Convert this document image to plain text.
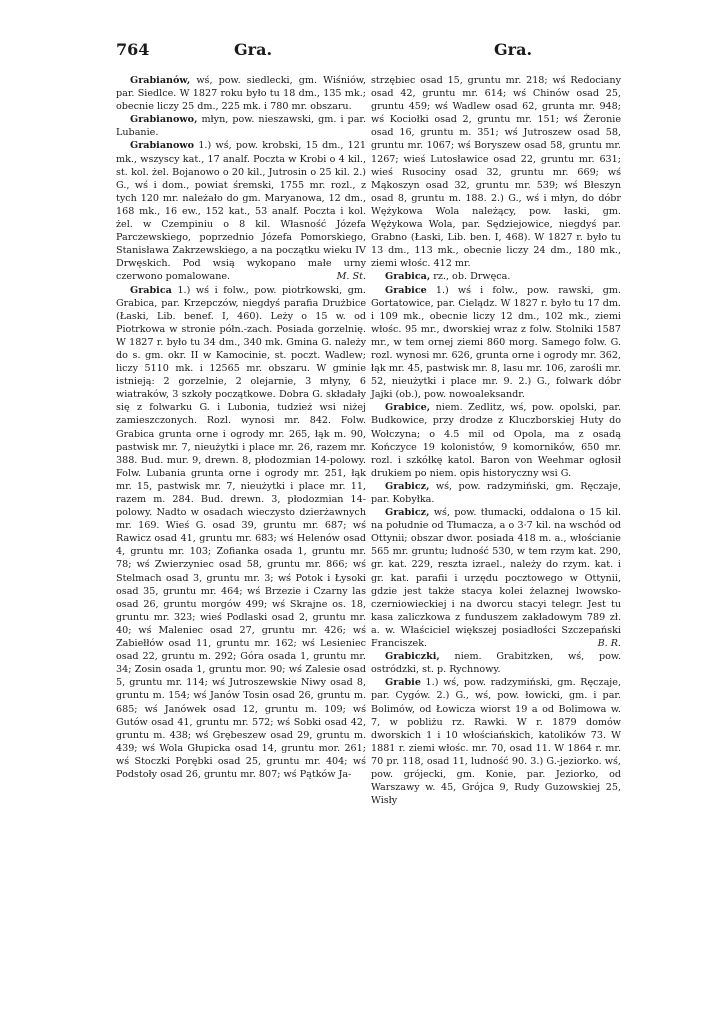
764	Gra.	Gra.

Grabianów, wś, pow. siedlecki, gm. Wiśniów, par. Siedlce. W 1827 roku było tu 18 dm., 135 mk.; obecnie liczy 25 dm., 225 mk. i 780 mr. obszaru.

Grabianowo, młyn, pow. nieszawski, gm. i par. Lubanie.

Grabianowo 1.) wś, pow. krobski, 15 dm., 121 mk., wszyscy kat., 17 analf. Poczta w Krobi o 4 kil., st. kol. żel. Bojanowo o 20 kil., Jutrosin o 25 kil. 2.) G., wś i dom., powiat śremski, 1755 mr. rozl., z tych 120 mr. należało do gm. Maryanowa, 12 dm., 168 mk., 16 ew., 152 kat., 53 analf. Poczta i kol. żel. w Czempiniu o 8 kil. Własność Józefa Parczewskiego, poprzednio Józefa Pomorskiego, Stanisława Zakrzewskiego, a na początku wieku IV Drwęskich. Pod wsią wykopano małe urny czerwono pomalowane.	M. St.

Grabica 1.) wś i folw., pow. piotrkowski, gm. Grabica, par. Krzepczów, niegdyś parafia Drużbice (Łaski, Lib. benef. I, 460). Leży o 15 w. od Piotrkowa w stronie półn.-zach. Posiada gorzelnię. W 1827 r. było tu 34 dm., 340 mk. Gmina G. należy do s. gm. okr. II w Kamocinie, st. poczt. Wadlew; liczy 5110 mk. i 12565 mr. obszaru. W gminie istnieją: 2 gorzelnie, 2 olejarnie, 3 młyny, 6 wiatraków, 3 szkoły początkowe. Dobra G. składały się z folwarku G. i Lubonia, tudzież wsi niżej zamieszczonych. Rozl. wynosi mr. 842. Folw. Grabica grunta orne i ogrody mr. 265, łąk m. 90, pastwisk mr. 7, nieużytki i place mr. 26, razem mr. 388. Bud. mur. 9, drewn. 8, płodozmian 14-polowy. Folw. Lubania grunta orne i ogrody mr. 251, łąk mr. 15, pastwisk mr. 7, nieużytki i place mr. 11, razem m. 284. Bud. drewn. 3, płodozmian 14-polowy. Nadto w osadach wieczysto dzierżawnych mr. 169. Wieś G. osad 39, gruntu mr. 687; wś Rawicz osad 41, gruntu mr. 683; wś Helenów osad 4, gruntu mr. 103; Zofianka osada 1, gruntu mr. 78; wś Zwierzyniec osad 58, gruntu mr. 866; wś Stelmach osad 3, gruntu mr. 3; wś Potok i Łysoki osad 35, gruntu mr. 464; wś Brzezie i Czarny las osad 26, gruntu morgów 499; wś Skrajne os. 18, gruntu mr. 323; wieś Podlaski osad 2, gruntu mr. 40; wś Maleniec osad 27, gruntu mr. 426; wś Zabiełłów osad 11, gruntu mr. 162; wś Lesieniec osad 22, gruntu m. 292; Góra osada 1, gruntu mr. 34; Zosin osada 1, gruntu mor. 90; wś Zalesie osad 5, gruntu mr. 114; wś Jutroszewskie Niwy osad 8, gruntu m. 154; wś Janów Tosin osad 26, gruntu m. 685; wś Janówek osad 12, gruntu m. 109; wś Gutów osad 41, gruntu mr. 572; wś Sobki osad 42, gruntu m. 438; wś Grębeszew osad 29, gruntu m. 439; wś Wola Głupicka osad 14, gruntu mor. 261; wś Stoczki Porębki osad 25, gruntu mr. 404; wś Podstoły osad 26, gruntu mr. 807; wś Pątków Ja-

strzębiec osad 15, gruntu mr. 218; wś Redociany osad 42, gruntu mr. 614; wś Chinów osad 25, gruntu 459; wś Wadlew osad 62, grunta mr. 948; wś Kociołki osad 2, gruntu mr. 151; wś Żeronie osad 16, gruntu m. 351; wś Jutroszew osad 58, gruntu mr. 1067; wś Boryszew osad 58, gruntu mr. 1267; wieś Lutosławice osad 22, gruntu mr. 631; wieś Rusociny osad 32, gruntu mr. 669; wś Mąkoszyn osad 32, gruntu mr. 539; wś Błeszyn osad 8, gruntu m. 188. 2.) G., wś i młyn, do dóbr Wężykowa Wola należący, pow. łaski, gm. Wężykowa Wola, par. Sędziejowice, niegdyś par. Grabno (Łaski, Lib. ben. I, 468). W 1827 r. było tu 13 dm., 113 mk., obecnie liczy 24 dm., 180 mk., ziemi włośc. 412 mr.

Grabica, rz., ob. Drwęca.

Grabice 1.) wś i folw., pow. rawski, gm. Gortatowice, par. Cielądz. W 1827 r. było tu 17 dm. i 109 mk., obecnie liczy 12 dm., 102 mk., ziemi włośc. 95 mr., dworskiej wraz z folw. Stolniki 1587 mr., w tem ornej ziemi 860 morg. Samego folw. G. rozl. wynosi mr. 626, grunta orne i ogrody mr. 362, łąk mr. 45, pastwisk mr. 8, lasu mr. 106, zarośli mr. 52, nieużytki i place mr. 9. 2.) G., folwark dóbr Jajki (ob.), pow. nowoaleksandr.

Grabice, niem. Zedlitz, wś, pow. opolski, par. Budkowice, przy drodze z Kluczborskiej Huty do Wołczyna; o 4.5 mil od Opola, ma z osadą Kończyce 19 kolonistów, 9 komorników, 650 mr. rozl. i szkółkę katol. Baron von Weehmar ogłosił drukiem po niem. opis historyczny wsi G.

Grabicz, wś, pow. radzymiński, gm. Ręczaje, par. Kobyłka.

Grabicz, wś, pow. tłumacki, oddalona o 15 kil. na południe od Tłumacza, a o 3·7 kil. na wschód od Ottynii; obszar dwor. posiada 418 m. a., włościanie 565 mr. gruntu; ludność 530, w tem rzym kat. 290, gr. kat. 229, reszta izrael., należy do rzym. kat. i gr. kat. parafii i urzędu pocztowego w Ottynii, gdzie jest także stacya kolei żelaznej lwowsko-czerniowieckiej i na dworcu stacyi telegr. Jest tu kasa zaliczkowa z funduszem zakładowym 789 zł. a. w. Właściciel większej posiadłości Szczepański Franciszek.	B. R.

Grabiczki, niem. Grabitzken, wś, pow. ostródzki, st. p. Rychnowy.

Grabie 1.) wś, pow. radzymiński, gm. Ręczaje, par. Cygów. 2.) G., wś, pow. łowicki, gm. i par. Bolimów, od Łowicza wiorst 19 a od Bolimowa w. 7, w pobliżu rz. Rawki. W r. 1879 domów dworskich 1 i 10 włościańskich, katolików 73. W 1881 r. ziemi włośc. mr. 70, osad 11. W 1864 r. mr. 70 pr. 118, osad 11, ludność 90. 3.) G.-jeziorko. wś, pow. grójecki, gm. Konie, par. Jeziorko, od Warszawy w. 45, Grójca 9, Rudy Guzowskiej 25, Wisły
